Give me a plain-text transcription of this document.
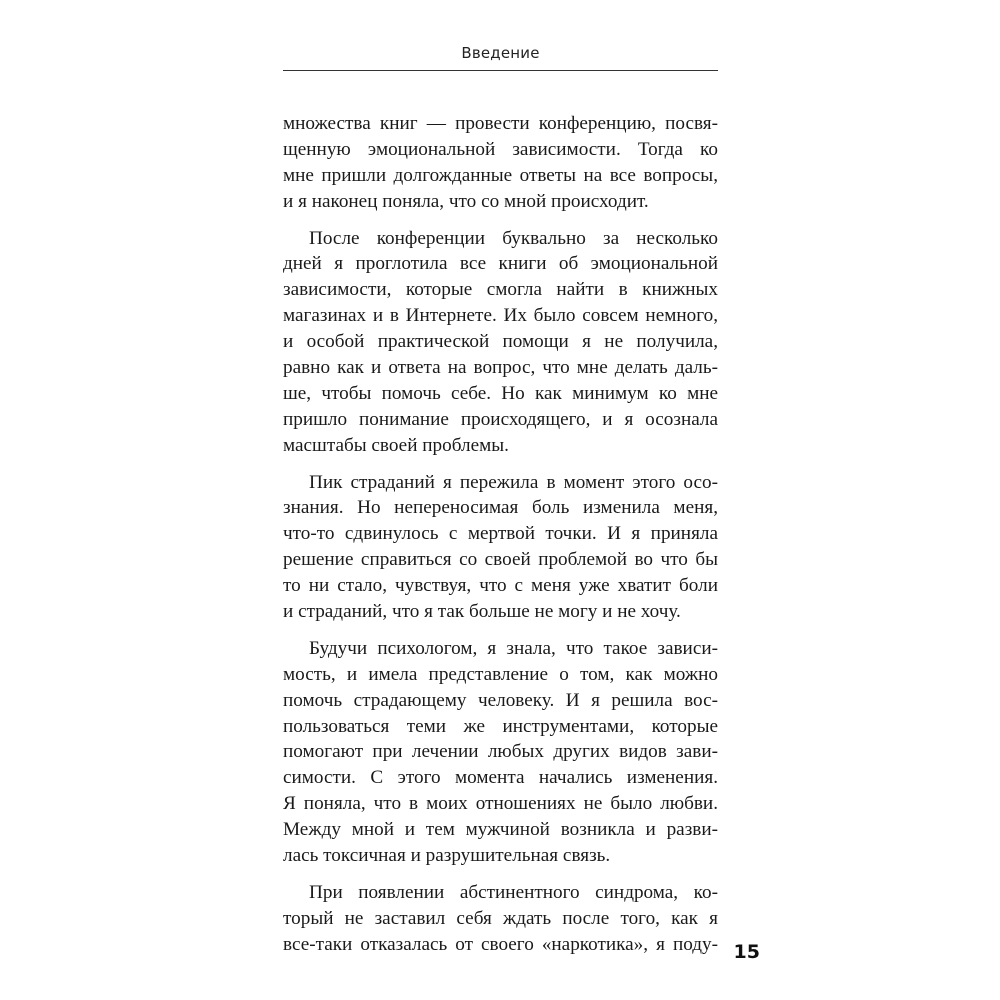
Введение
множества книг — провести конференцию, посвя-
щенную эмоциональной зависимости. Тогда ко
мне пришли долгожданные ответы на все вопросы,
и я наконец поняла, что со мной происходит.
После конференции буквально за несколько
дней я проглотила все книги об эмоциональной
зависимости, которые смогла найти в книжных
магазинах и в Интернете. Их было совсем немного,
и особой практической помощи я не получила,
равно как и ответа на вопрос, что мне делать даль-
ше, чтобы помочь себе. Но как минимум ко мне
пришло понимание происходящего, и я осознала
масштабы своей проблемы.
Пик страданий я пережила в момент этого осо-
знания. Но непереносимая боль изменила меня,
что-то сдвинулось с мертвой точки. И я приняла
решение справиться со своей проблемой во что бы
то ни стало, чувствуя, что с меня уже хватит боли
и страданий, что я так больше не могу и не хочу.
Будучи психологом, я знала, что такое зависи-
мость, и имела представление о том, как можно
помочь страдающему человеку. И я решила вос-
пользоваться теми же инструментами, которые
помогают при лечении любых других видов зави-
симости. С этого момента начались изменения.
Я поняла, что в моих отношениях не было любви.
Между мной и тем мужчиной возникла и разви-
лась токсичная и разрушительная связь.
При появлении абстинентного синдрома, ко-
торый не заставил себя ждать после того, как я
все-таки отказалась от своего «наркотика», я поду- 15
